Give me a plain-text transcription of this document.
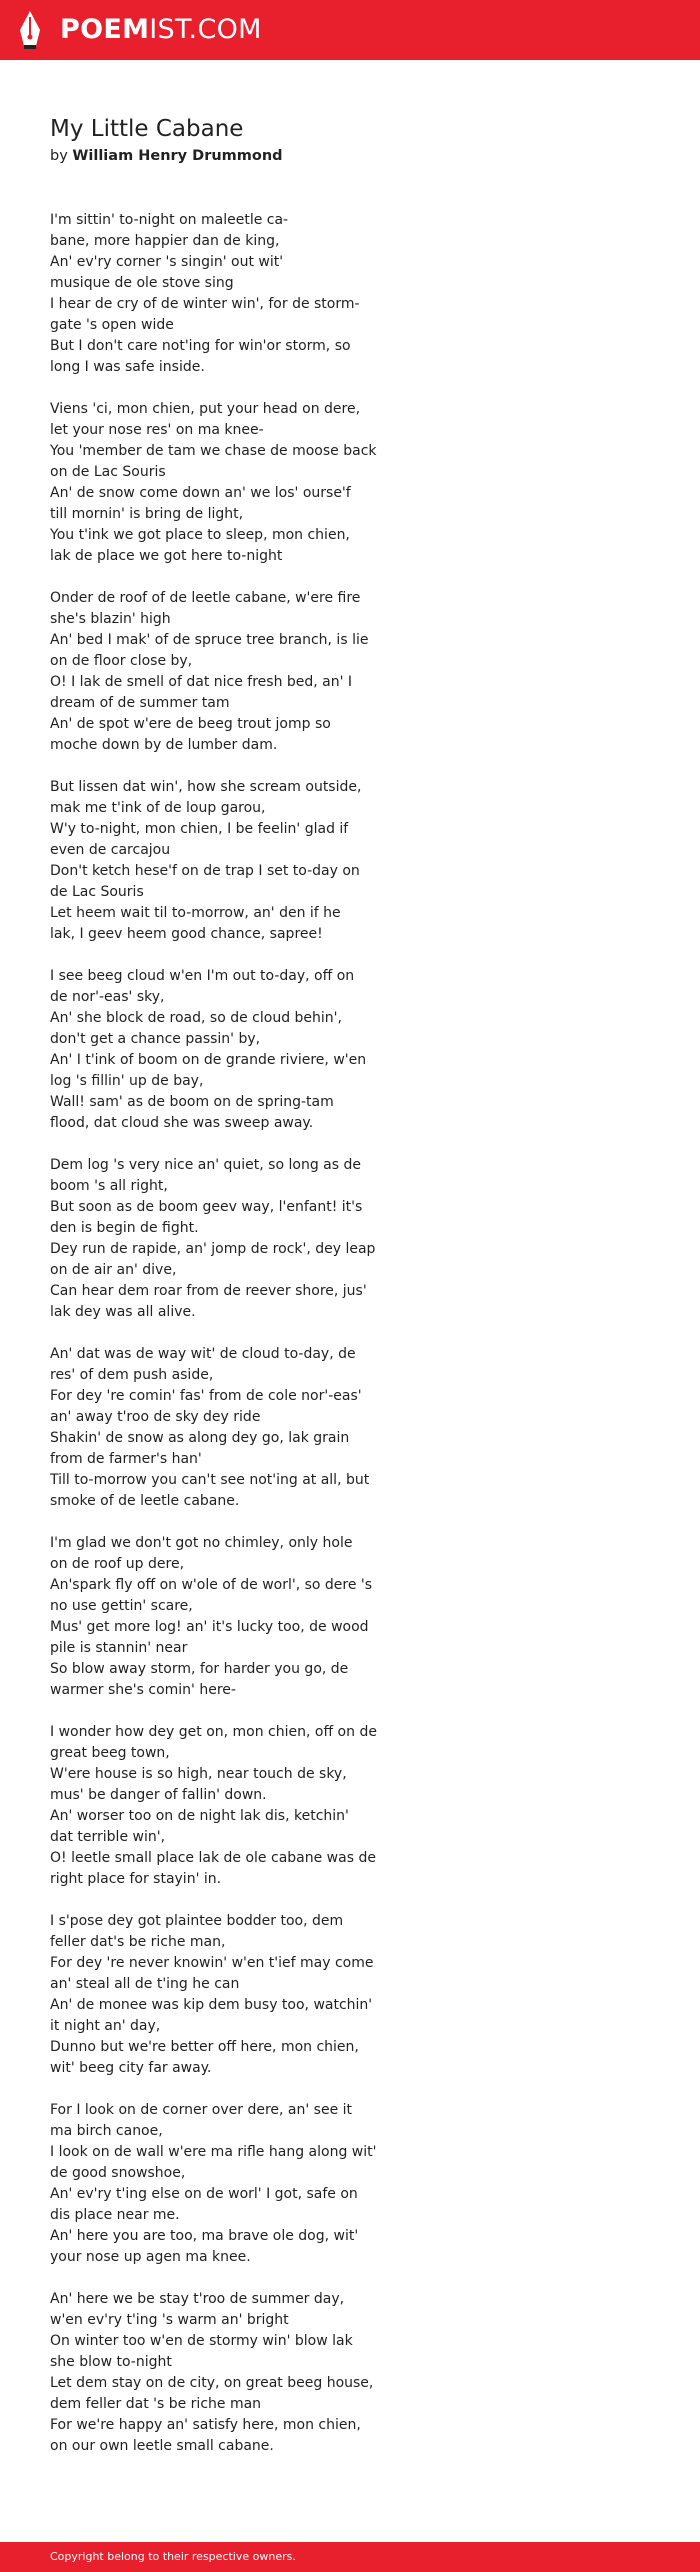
POEMIST.COM
My Little Cabane
by William Henry Drummond
I'm sittin' to-night on maleetle ca-
bane, more happier dan de king,
An' ev'ry corner 's singin' out wit'
musique de ole stove sing
I hear de cry of de winter win', for de storm-
gate 's open wide
But I don't care not'ing for win'or storm, so
long I was safe inside.
Viens 'ci, mon chien, put your head on dere,
let your nose res' on ma knee-
You 'member de tam we chase de moose back
on de Lac Souris
An' de snow come down an' we los' ourse'f
till mornin' is bring de light,
You t'ink we got place to sleep, mon chien,
lak de place we got here to-night
Onder de roof of de leetle cabane, w'ere fire
she's blazin' high
An' bed I mak' of de spruce tree branch, is lie
on de floor close by,
O! I lak de smell of dat nice fresh bed, an' I
dream of de summer tam
An' de spot w'ere de beeg trout jomp so
moche down by de lumber dam.
But lissen dat win', how she scream outside,
mak me t'ink of de loup garou,
W'y to-night, mon chien, I be feelin' glad if
even de carcajou
Don't ketch hese'f on de trap I set to-day on
de Lac Souris
Let heem wait til to-morrow, an' den if he
lak, I geev heem good chance, sapree!
I see beeg cloud w'en I'm out to-day, off on
de nor'-eas' sky,
An' she block de road, so de cloud behin',
don't get a chance passin' by,
An' I t'ink of boom on de grande riviere, w'en
log 's fillin' up de bay,
Wall! sam' as de boom on de spring-tam
flood, dat cloud she was sweep away.
Dem log 's very nice an' quiet, so long as de
boom 's all right,
But soon as de boom geev way, l'enfant! it's
den is begin de fight.
Dey run de rapide, an' jomp de rock', dey leap
on de air an' dive,
Can hear dem roar from de reever shore, jus'
lak dey was all alive.
An' dat was de way wit' de cloud to-day, de
res' of dem push aside,
For dey 're comin' fas' from de cole nor'-eas'
an' away t'roo de sky dey ride
Shakin' de snow as along dey go, lak grain
from de farmer's han'
Till to-morrow you can't see not'ing at all, but
smoke of de leetle cabane.
I'm glad we don't got no chimley, only hole
on de roof up dere,
An'spark fly off on w'ole of de worl', so dere 's
no use gettin' scare,
Mus' get more log! an' it's lucky too, de wood
pile is stannin' near
So blow away storm, for harder you go, de
warmer she's comin' here-
I wonder how dey get on, mon chien, off on de
great beeg town,
W'ere house is so high, near touch de sky,
mus' be danger of fallin' down.
An' worser too on de night lak dis, ketchin'
dat terrible win',
O! leetle small place lak de ole cabane was de
right place for stayin' in.
I s'pose dey got plaintee bodder too, dem
feller dat's be riche man,
For dey 're never knowin' w'en t'ief may come
an' steal all de t'ing he can
An' de monee was kip dem busy too, watchin'
it night an' day,
Dunno but we're better off here, mon chien,
wit' beeg city far away.
For I look on de corner over dere, an' see it
ma birch canoe,
I look on de wall w'ere ma rifle hang along wit'
de good snowshoe,
An' ev'ry t'ing else on de worl' I got, safe on
dis place near me.
An' here you are too, ma brave ole dog, wit'
your nose up agen ma knee.
An' here we be stay t'roo de summer day,
w'en ev'ry t'ing 's warm an' bright
On winter too w'en de stormy win' blow lak
she blow to-night
Let dem stay on de city, on great beeg house,
dem feller dat 's be riche man
For we're happy an' satisfy here, mon chien,
on our own leetle small cabane.
Copyright belong to their respective owners.
